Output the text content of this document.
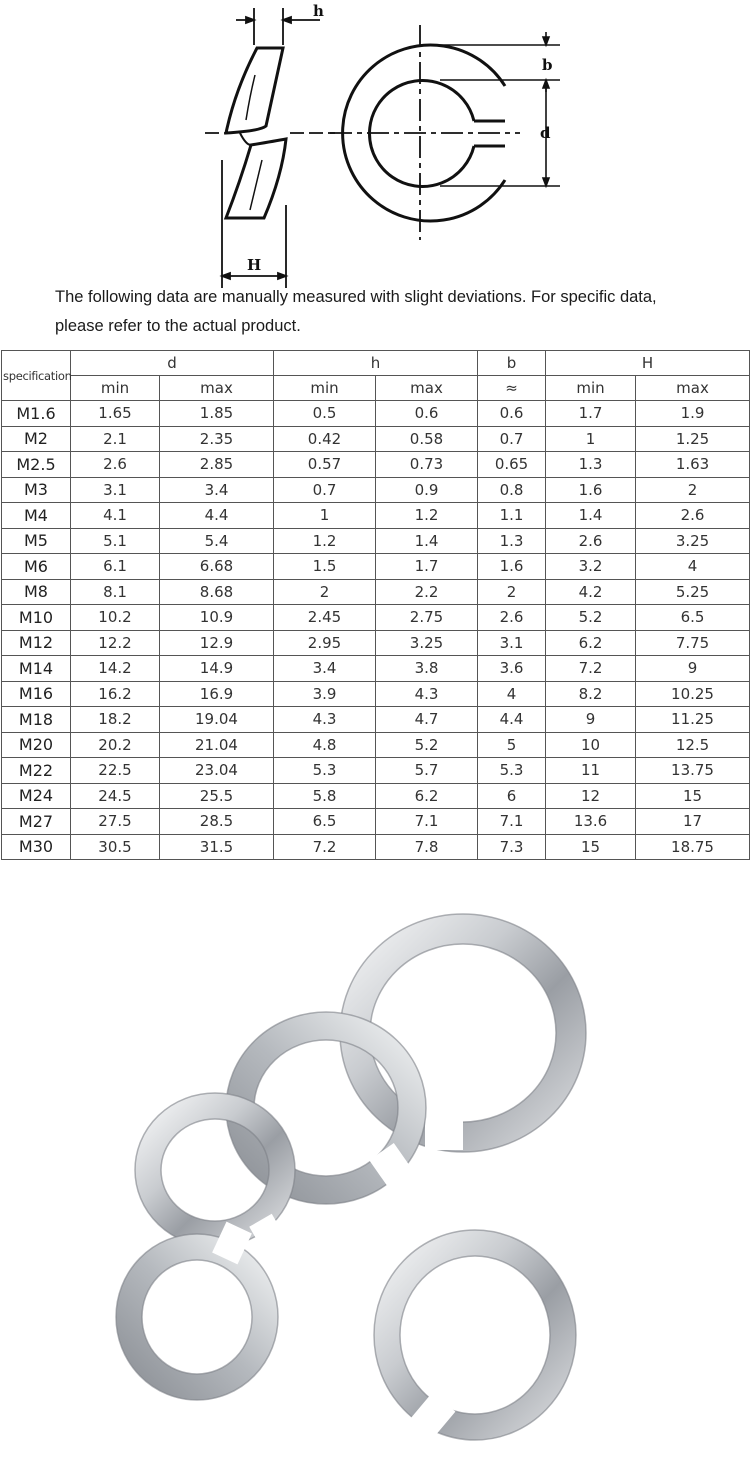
h
b
d
H

The following data are manually measured with slight deviations. For specific data,

please refer to the actual product.

specification	d		h		b	H	
	min	max	min	max	≈	min	max
M1.6	1.65	1.85	0.5	0.6	0.6	1.7	1.9
M2	2.1	2.35	0.42	0.58	0.7	1	1.25
M2.5	2.6	2.85	0.57	0.73	0.65	1.3	1.63
M3	3.1	3.4	0.7	0.9	0.8	1.6	2
M4	4.1	4.4	1	1.2	1.1	1.4	2.6
M5	5.1	5.4	1.2	1.4	1.3	2.6	3.25
M6	6.1	6.68	1.5	1.7	1.6	3.2	4
M8	8.1	8.68	2	2.2	2	4.2	5.25
M10	10.2	10.9	2.45	2.75	2.6	5.2	6.5
M12	12.2	12.9	2.95	3.25	3.1	6.2	7.75
M14	14.2	14.9	3.4	3.8	3.6	7.2	9
M16	16.2	16.9	3.9	4.3	4	8.2	10.25
M18	18.2	19.04	4.3	4.7	4.4	9	11.25
M20	20.2	21.04	4.8	5.2	5	10	12.5
M22	22.5	23.04	5.3	5.7	5.3	11	13.75
M24	24.5	25.5	5.8	6.2	6	12	15
M27	27.5	28.5	6.5	7.1	7.1	13.6	17
M30	30.5	31.5	7.2	7.8	7.3	15	18.75
